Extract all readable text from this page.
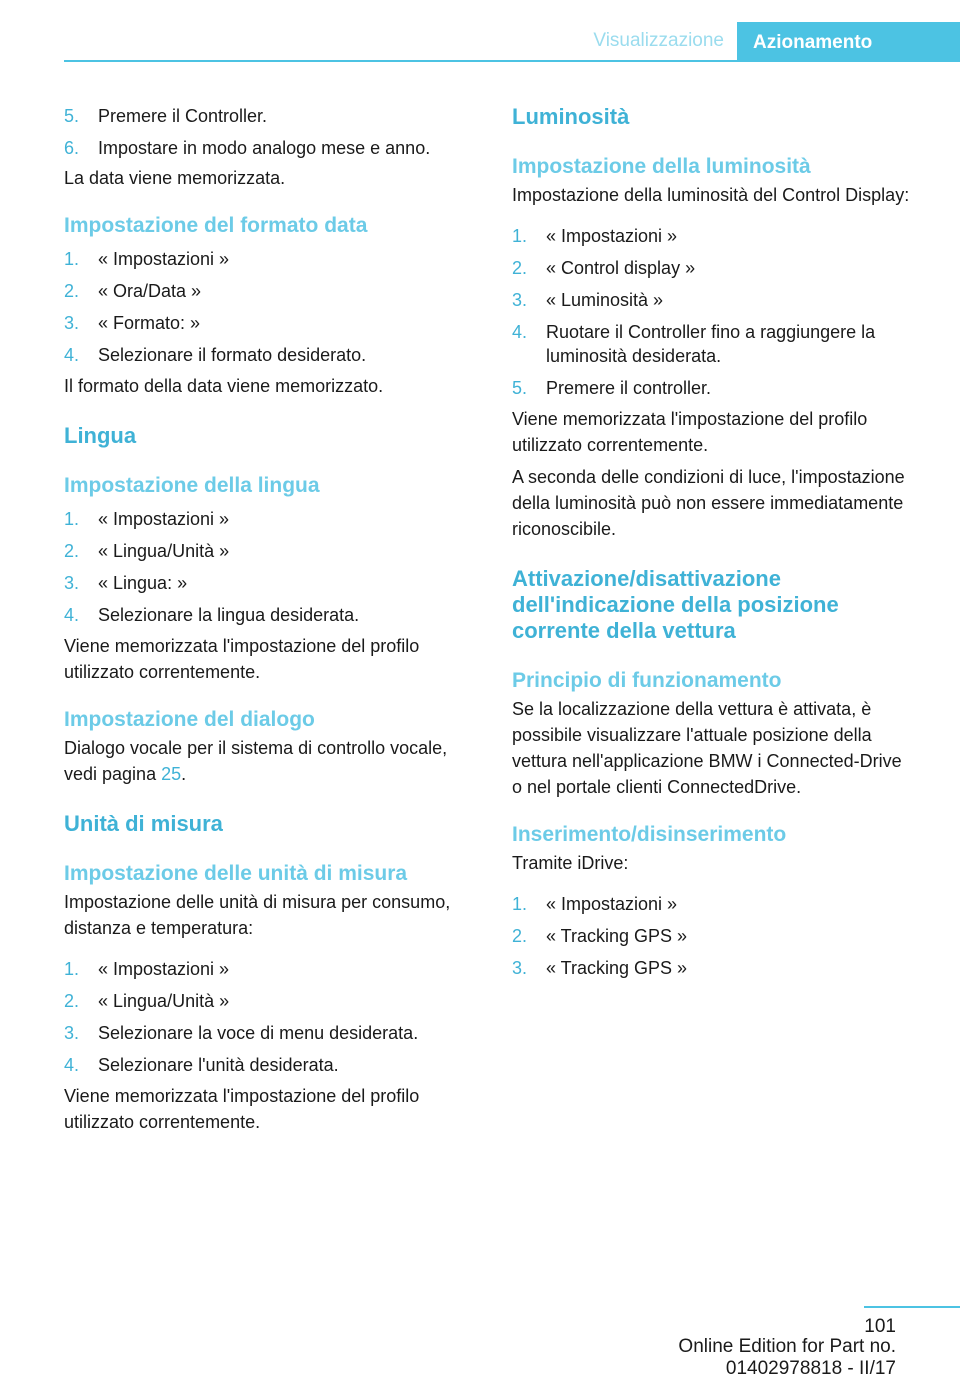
Visualizzazione	Azionamento
5. Premere il Controller.
6. Impostare in modo analogo mese e anno.

La data viene memorizzata.

Impostazione del formato data
1. « Impostazioni »
2. « Ora/Data »
3. « Formato: »
4. Selezionare il formato desiderato.

Il formato della data viene memorizzato.

Lingua
Impostazione della lingua
1. « Impostazioni »
2. « Lingua/Unità »
3. « Lingua: »
4. Selezionare la lingua desiderata.

Viene memorizzata l'impostazione del profilo utilizzato correntemente.

Impostazione del dialogo

Dialogo vocale per il sistema di controllo vocale, vedi pagina 25.

Unità di misura
Impostazione delle unità di misura

Impostazione delle unità di misura per consumo, distanza e temperatura:

1. « Impostazioni »
2. « Lingua/Unità »
3. Selezionare la voce di menu desiderata.
4. Selezionare l'unità desiderata.

Viene memorizzata l'impostazione del profilo utilizzato correntemente.

Luminosità
Impostazione della luminosità

Impostazione della luminosità del Control Display:

1. « Impostazioni »
2. « Control display »
3. « Luminosità »
4. Ruotare il Controller fino a raggiungere la luminosità desiderata.
5. Premere il controller.

Viene memorizzata l'impostazione del profilo utilizzato correntemente.

A seconda delle condizioni di luce, l'impostazione della luminosità può non essere immediatamente riconoscibile.

Attivazione/disattivazione dell'indicazione della posizione corrente della vettura
Principio di funzionamento

Se la localizzazione della vettura è attivata, è possibile visualizzare l'attuale posizione della vettura nell'applicazione BMW i Connected‐Drive o nel portale clienti ConnectedDrive.

Inserimento/disinserimento

Tramite iDrive:

1. « Impostazioni »
2. « Tracking GPS »
3. « Tracking GPS »
101
Online Edition for Part no. 01402978818 - II/17
